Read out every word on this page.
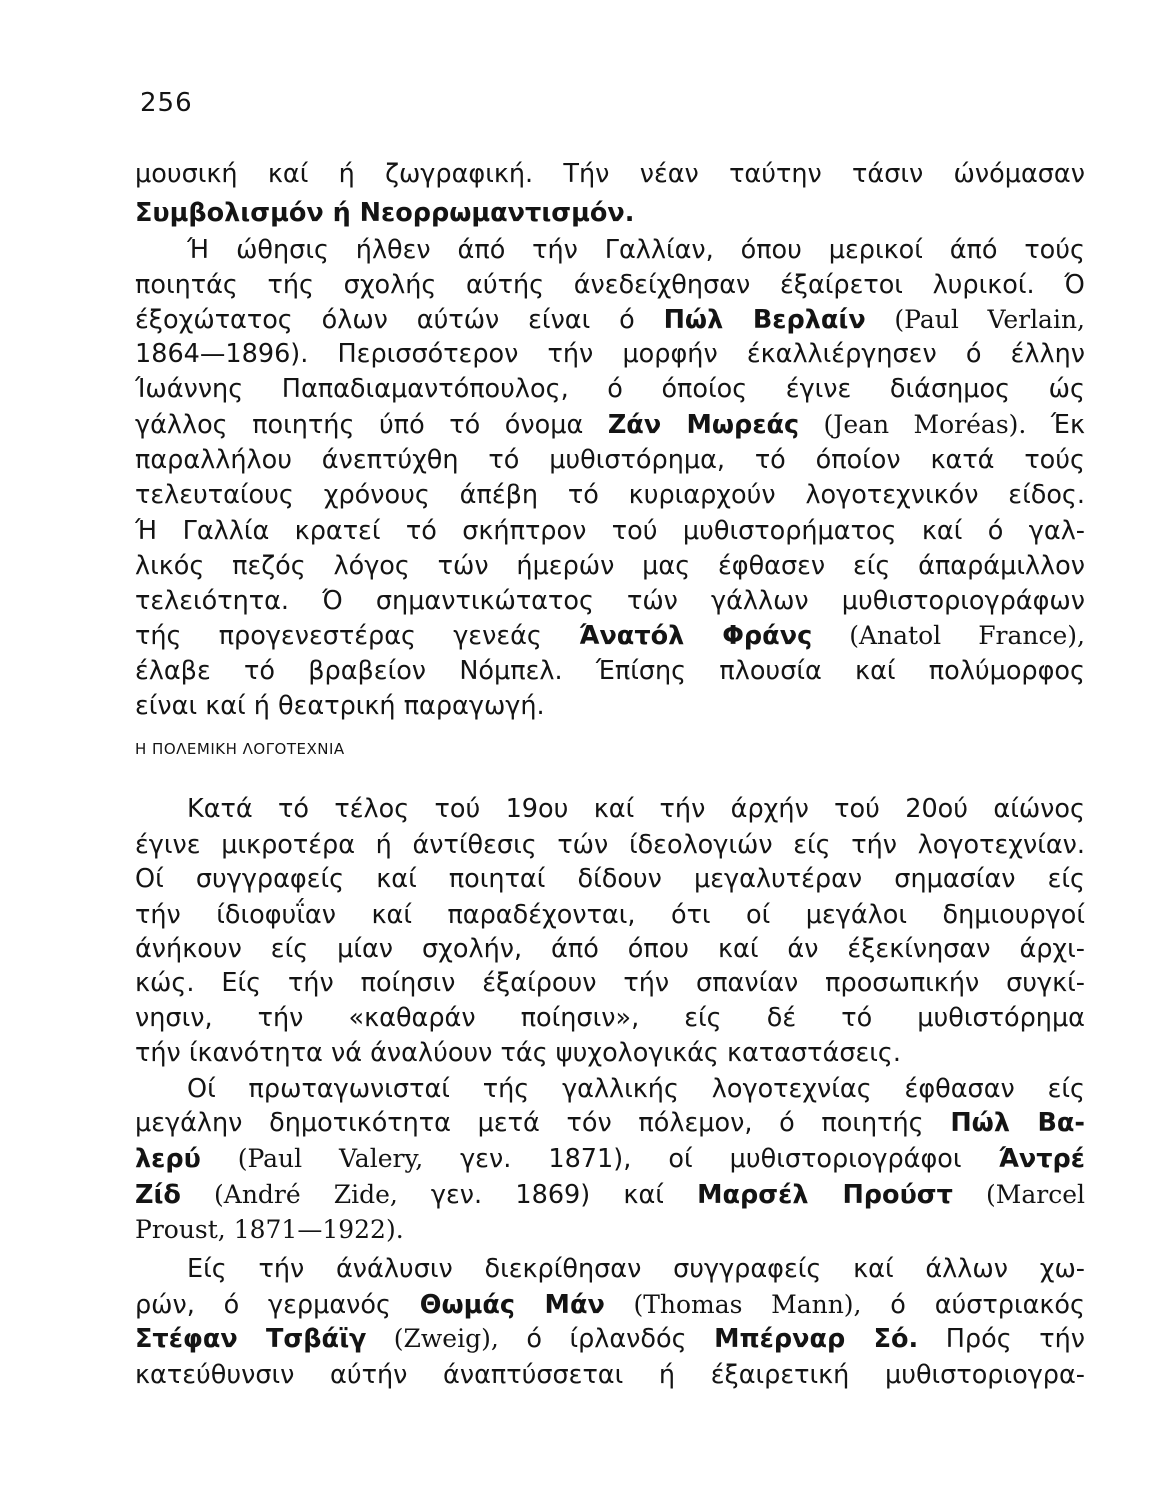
256
Η ΠΟΛΕΜΙΚΗ ΛΟΓΟΤΕΧΝΙΑ
μουσική καί ή ζωγραφική. Τήν νέαν ταύτην τάσιν ώνόμασαν
Συμβολισμόν ή Νεορρωμαντισμόν.
Ή ώθησις ήλθεν άπό τήν Γαλλίαν, όπου μερικοί άπό τούς
ποιητάς τής σχολής αύτής άνεδείχθησαν έξαίρετοι λυρικοί. Ό
έξοχώτατος όλων αύτών είναι ό Πώλ Βερλαίν (Paul Verlain,
1864—1896). Περισσότερον τήν μορφήν έκαλλιέργησεν ό έλλην
Ίωάννης Παπαδιαμαντόπουλος, ό όποίος έγινε διάσημος ώς
γάλλος ποιητής ύπό τό όνομα Ζάν Μωρεάς (Jean Moréas). Έκ
παραλλήλου άνεπτύχθη τό μυθιστόρημα, τό όποίον κατά τούς
τελευταίους χρόνους άπέβη τό κυριαρχούν λογοτεχνικόν είδος.
Ή Γαλλία κρατεί τό σκήπτρον τού μυθιστορήματος καί ό γαλ-
λικός πεζός λόγος τών ήμερών μας έφθασεν είς άπαράμιλλον
τελειότητα. Ό σημαντικώτατος τών γάλλων μυθιστοριογράφων
τής προγενεστέρας γενεάς Άνατόλ Φράνς (Anatol France),
έλαβε τό βραβείον Νόμπελ. Έπίσης πλουσία καί πολύμορφος
είναι καί ή θεατρική παραγωγή.
Κατά τό τέλος τού 19ου καί τήν άρχήν τού 20ού αίώνος
έγινε μικροτέρα ή άντίθεσις τών ίδεολογιών είς τήν λογοτεχνίαν.
Οί συγγραφείς καί ποιηταί δίδουν μεγαλυτέραν σημασίαν είς
τήν ίδιοφυΐαν καί παραδέχονται, ότι οί μεγάλοι δημιουργοί
άνήκουν είς μίαν σχολήν, άπό όπου καί άν έξεκίνησαν άρχι-
κώς. Είς τήν ποίησιν έξαίρουν τήν σπανίαν προσωπικήν συγκί-
νησιν, τήν «καθαράν ποίησιν», είς δέ τό μυθιστόρημα
τήν ίκανότητα νά άναλύουν τάς ψυχολογικάς καταστάσεις.
Οί πρωταγωνισταί τής γαλλικής λογοτεχνίας έφθασαν είς
μεγάλην δημοτικότητα μετά τόν πόλεμον, ό ποιητής Πώλ Βα-
λερύ (Paul Valery, γεν. 1871), οί μυθιστοριογράφοι Άντρέ
Ζίδ (André Zide, γεν. 1869) καί Μαρσέλ Προύστ (Marcel
Proust, 1871—1922).
Είς τήν άνάλυσιν διεκρίθησαν συγγραφείς καί άλλων χω-
ρών, ό γερμανός Θωμάς Μάν (Thomas Mann), ό αύστριακός
Στέφαν Τσβάϊγ (Zweig), ό ίρλανδός Μπέρναρ Σό. Πρός τήν
κατεύθυνσιν αύτήν άναπτύσσεται ή έξαιρετική μυθιστοριογρα-
